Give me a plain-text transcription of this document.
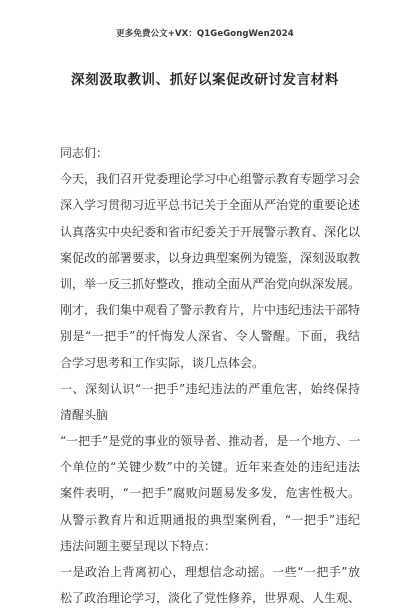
更多免费公文+VX：Q1GeGongWen2024
深刻汲取教训、抓好以案促改研讨发言材料
同志们：
今天，我们召开党委理论学习中心组警示教育专题学习会
深入学习贯彻习近平总书记关于全面从严治党的重要论述
认真落实中央纪委和省市纪委关于开展警示教育、深化以
案促改的部署要求，以身边典型案例为镜鉴，深刻汲取教
训，举一反三抓好整改，推动全面从严治党向纵深发展。
刚才，我们集中观看了警示教育片，片中违纪违法干部特
别是“一把手”的忏悔发人深省、令人警醒。下面，我结
合学习思考和工作实际，谈几点体会。
一、深刻认识“一把手”违纪违法的严重危害，始终保持
清醒头脑
“一把手”是党的事业的领导者、推动者，是一个地方、一
个单位的“关键少数”中的关键。近年来查处的违纪违法
案件表明，“一把手”腐败问题易发多发，危害性极大。
从警示教育片和近期通报的典型案例看，“一把手”违纪
违法问题主要呈现以下特点：
一是政治上背离初心，理想信念动摇。一些“一把手”放
松了政治理论学习，淡化了党性修养，世界观、人生观、
